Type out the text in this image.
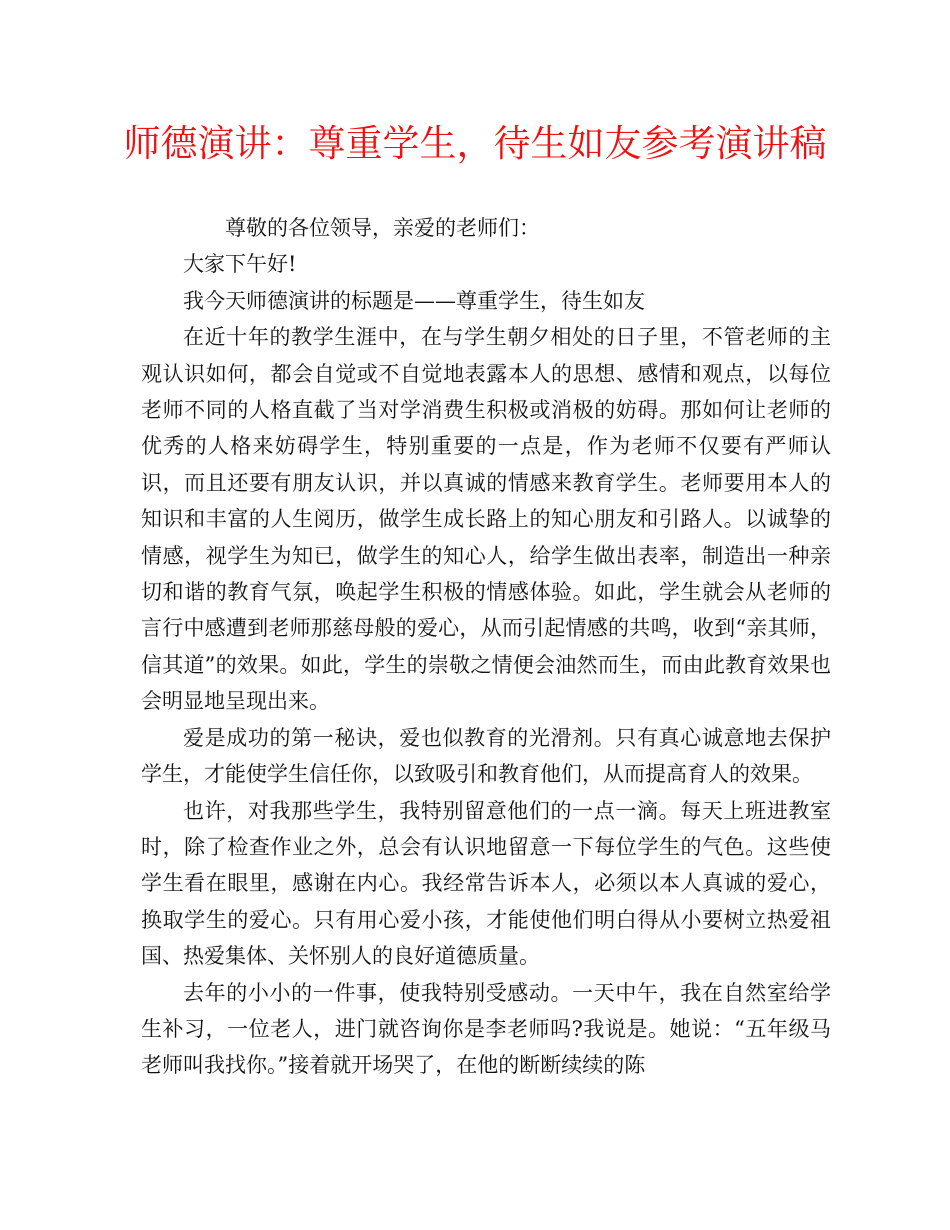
师德演讲：尊重学生，待生如友参考演讲稿

尊敬的各位领导，亲爱的老师们：

大家下午好!

我今天师德演讲的标题是——尊重学生，待生如友

在近十年的教学生涯中，在与学生朝夕相处的日子里，不管老师的主观认识如何，都会自觉或不自觉地表露本人的思想、感情和观点，以每位老师不同的人格直截了当对学消费生积极或消极的妨碍。那如何让老师的优秀的人格来妨碍学生，特别重要的一点是，作为老师不仅要有严师认识，而且还要有朋友认识，并以真诚的情感来教育学生。老师要用本人的知识和丰富的人生阅历，做学生成长路上的知心朋友和引路人。以诚挚的情感，视学生为知已，做学生的知心人，给学生做出表率，制造出一种亲切和谐的教育气氛，唤起学生积极的情感体验。如此，学生就会从老师的言行中感遭到老师那慈母般的爱心，从而引起情感的共鸣，收到“亲其师，信其道”的效果。如此，学生的崇敬之情便会油然而生，而由此教育效果也会明显地呈现出来。

爱是成功的第一秘诀，爱也似教育的光滑剂。只有真心诚意地去保护学生，才能使学生信任你，以致吸引和教育他们，从而提高育人的效果。

也许，对我那些学生，我特别留意他们的一点一滴。每天上班进教室时，除了检查作业之外，总会有认识地留意一下每位学生的气色。这些使学生看在眼里，感谢在内心。我经常告诉本人，必须以本人真诚的爱心，换取学生的爱心。只有用心爱小孩，才能使他们明白得从小要树立热爱祖国、热爱集体、关怀别人的良好道德质量。

去年的小小的一件事，使我特别受感动。一天中午，我在自然室给学生补习，一位老人，进门就咨询你是李老师吗?我说是。她说：“五年级马老师叫我找你。”接着就开场哭了，在他的断断续续的陈
